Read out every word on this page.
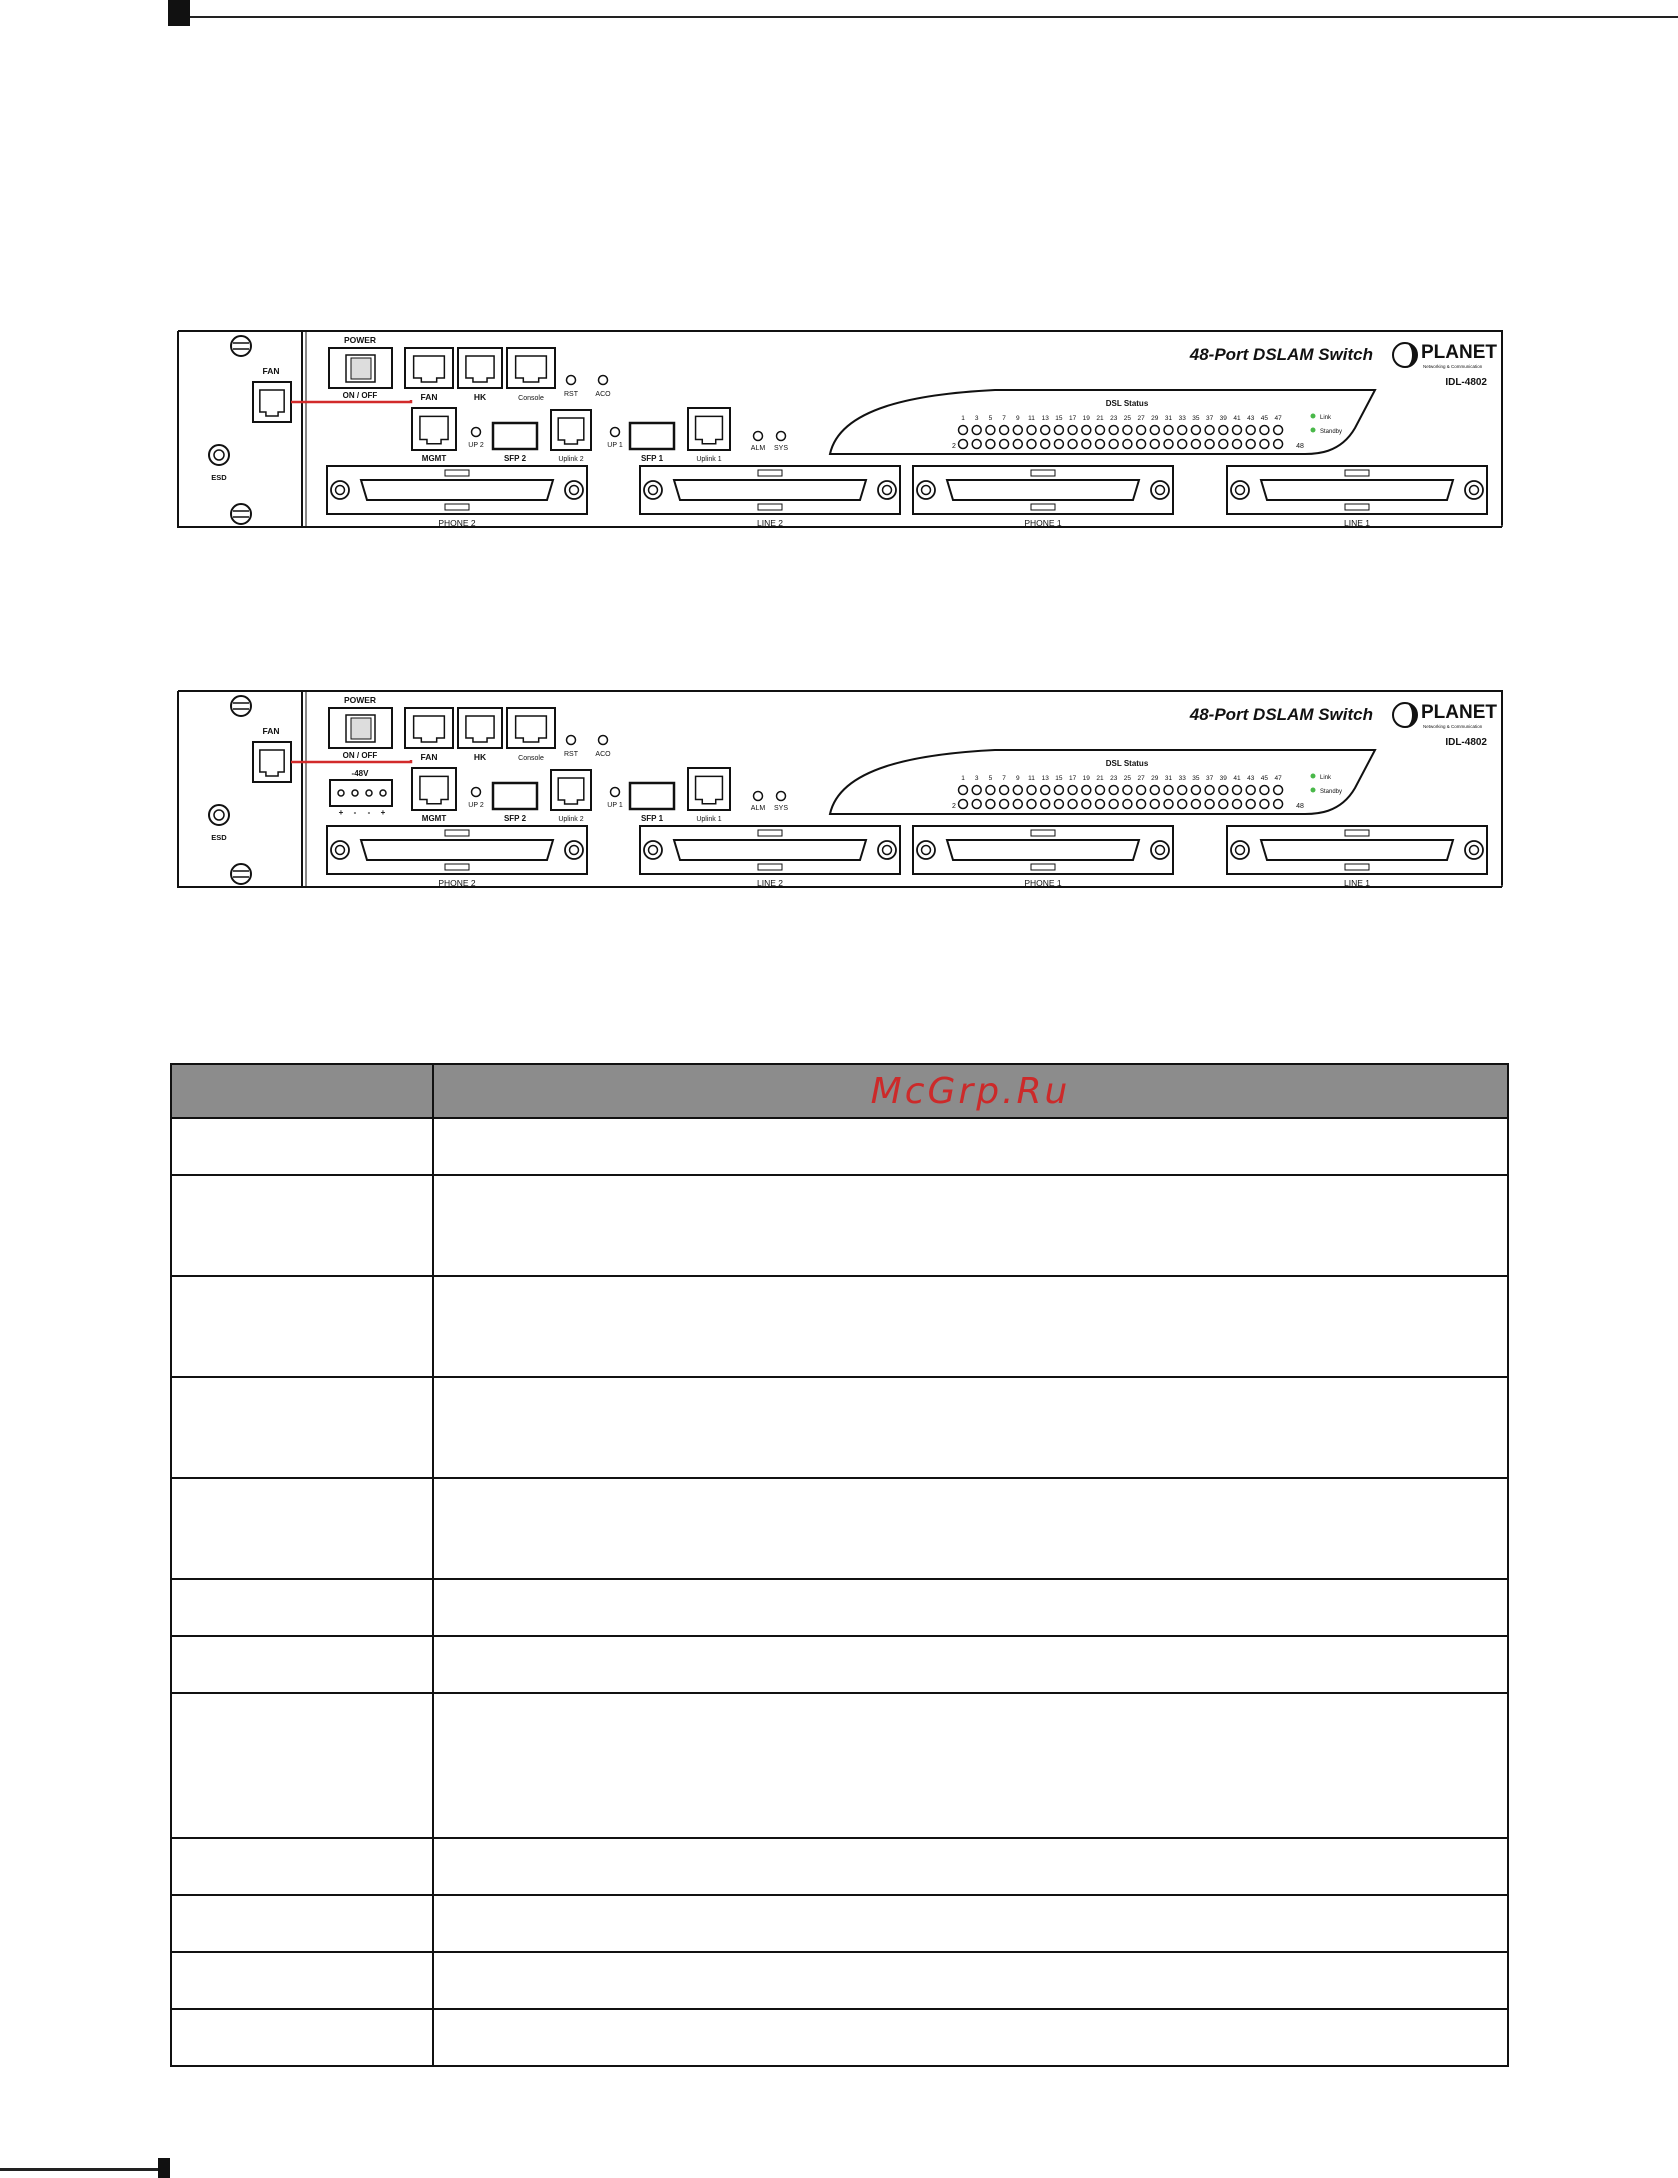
FAN
ESD
POWER
ON / OFF	FAN	HK	Console
RST ACO
48-Port DSLAM Switch	PLANET
Networking & Communication
IDL-4802
MGMT
UP 2
SFP 2	Uplink 2
UP 1
SFP 1	Uplink 1
ALM SYS
DSL Status
1 3 5 7 9 11 13 15 17 19 21 23 25 27 29 31 33 35 37 39 41 43 45 47
2	48
Link
Standby
PHONE 2	LINE 2	PHONE 1	LINE 1
FAN
ESD
POWER
ON / OFF	FAN	HK	Console
RST ACO
48-Port DSLAM Switch	PLANET
Networking & Communication
IDL-4802
-48V
+ - - +
MGMT
UP 2
SFP 2	Uplink 2
UP 1
SFP 1	Uplink 1
ALM SYS
DSL Status
1 3 5 7 9 11 13 15 17 19 21 23 25 27 29 31 33 35 37 39 41 43 45 47
2	48
Link
Standby
PHONE 2	LINE 2	PHONE 1	LINE 1
	McGrp.Ru
